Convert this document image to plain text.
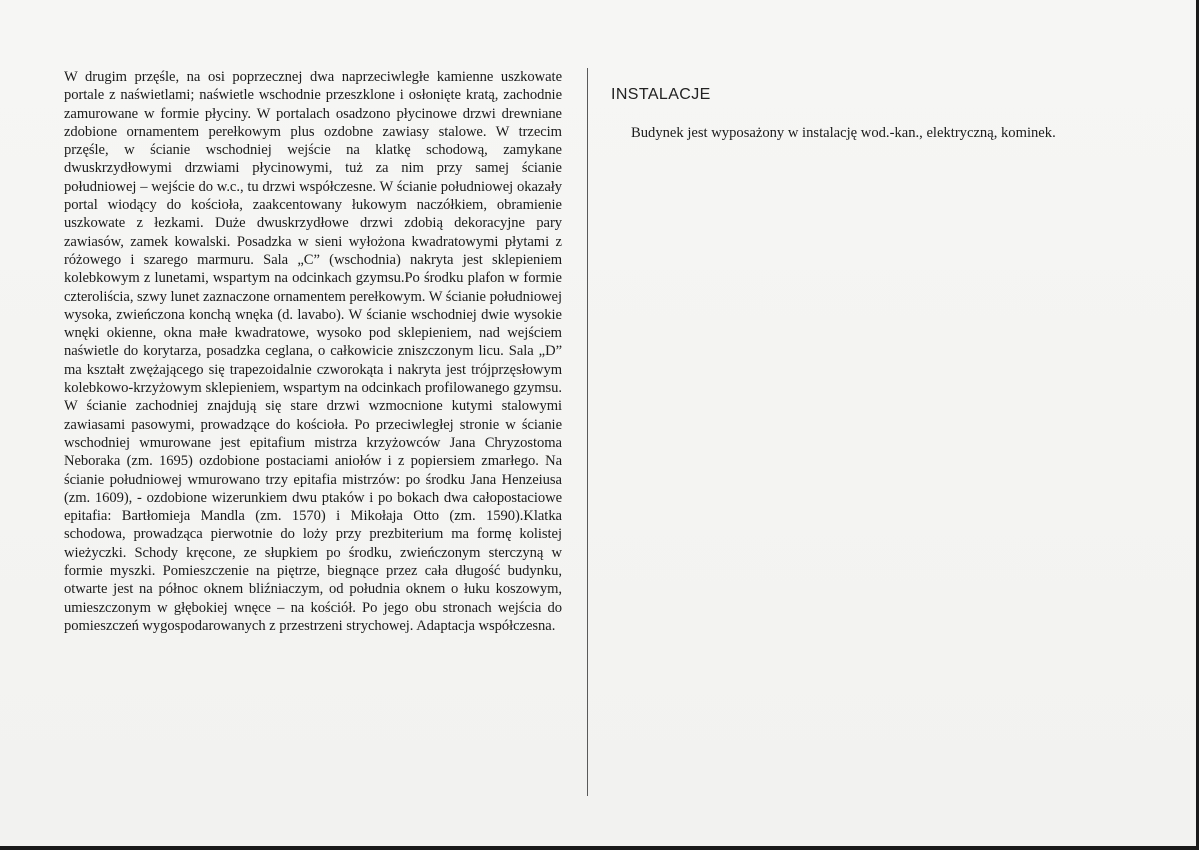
W drugim przęśle, na osi poprzecznej dwa naprzeciwległe kamienne uszkowate portale z naświetlami; naświetle wschodnie przeszklone i osłonięte kratą, zachodnie zamurowane w formie płyciny. W portalach osadzono płycinowe drzwi drewniane zdobione ornamentem perełkowym plus ozdobne zawiasy stalowe. W trzecim przęśle, w ścianie wschodniej wejście na klatkę schodową, zamykane dwuskrzydłowymi drzwiami płycinowymi, tuż za nim przy samej ścianie południowej – wejście do w.c., tu drzwi współczesne. W ścianie południowej okazały portal wiodący do kościoła, zaakcentowany łukowym naczółkiem, obramienie uszkowate z łezkami. Duże dwuskrzydłowe drzwi zdobią dekoracyjne pary zawiasów, zamek kowalski. Posadzka w sieni wyłożona kwadratowymi płytami z różowego i szarego marmuru. Sala „C” (wschodnia) nakryta jest sklepieniem kolebkowym z lunetami, wspartym na odcinkach gzymsu.Po środku plafon w formie czteroliścia, szwy lunet zaznaczone ornamentem perełkowym. W ścianie południowej wysoka, zwieńczona konchą wnęka (d. lavabo). W ścianie wschodniej dwie wysokie wnęki okienne, okna małe kwadratowe, wysoko pod sklepieniem, nad wejściem naświetle do korytarza, posadzka ceglana, o całkowicie zniszczonym licu. Sala „D” ma kształt zwężającego się trapezoidalnie czworokąta i nakryta jest trójprzęsłowym kolebkowo-krzyżowym sklepieniem, wspartym na odcinkach profilowanego gzymsu. W ścianie zachodniej znajdują się stare drzwi wzmocnione kutymi stalowymi zawiasami pasowymi, prowadzące do kościoła. Po przeciwległej stronie w ścianie wschodniej wmurowane jest epitafium mistrza krzyżowców Jana Chryzostoma Neboraka (zm. 1695) ozdobione postaciami aniołów i z popiersiem zmarłego. Na ścianie południowej wmurowano trzy epitafia mistrzów: po środku Jana Henzeiusa (zm. 1609), - ozdobione wizerunkiem dwu ptaków i po bokach dwa całopostaciowe epitafia: Bartłomieja Mandla (zm. 1570) i Mikołaja Otto (zm. 1590).Klatka schodowa, prowadząca pierwotnie do loży przy prezbiterium ma formę kolistej wieżyczki. Schody kręcone, ze słupkiem po środku, zwieńczonym sterczyną w formie myszki. Pomieszczenie na piętrze, biegnące przez cała długość budynku, otwarte jest na północ oknem bliźniaczym, od południa oknem o łuku koszowym, umieszczonym w głębokiej wnęce – na kościół. Po jego obu stronach wejścia do pomieszczeń wygospodarowanych z przestrzeni strychowej. Adaptacja współczesna.

INSTALACJE

Budynek jest wyposażony w instalację wod.-kan., elektryczną, kominek.
